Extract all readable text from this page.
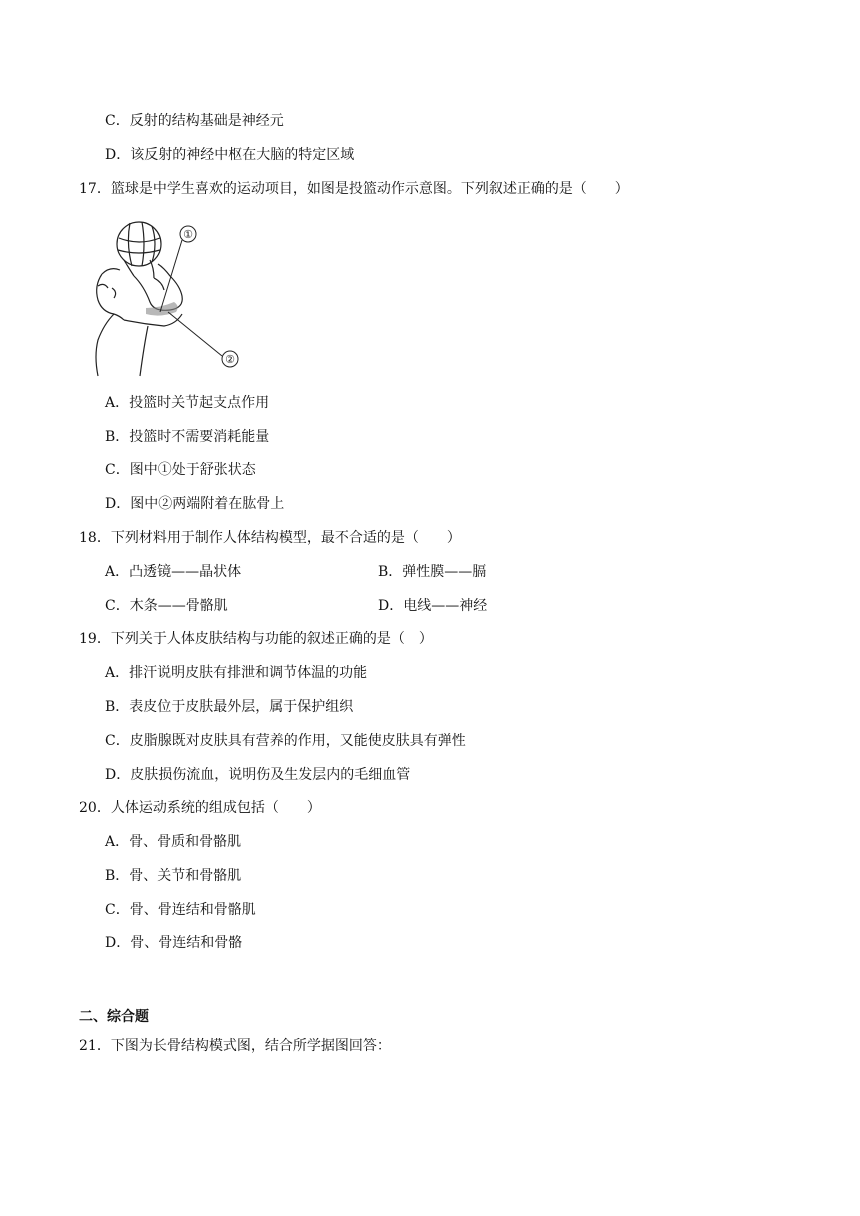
C．反射的结构基础是神经元
D．该反射的神经中枢在大脑的特定区域
17．篮球是中学生喜欢的运动项目，如图是投篮动作示意图。下列叙述正确的是（　　）
①
②
A．投篮时关节起支点作用
B．投篮时不需要消耗能量
C．图中①处于舒张状态
D．图中②两端附着在肱骨上
18．下列材料用于制作人体结构模型，最不合适的是（　　）
A．凸透镜——晶状体	B．弹性膜——膈
C．木条——骨骼肌	D．电线——神经
19．下列关于人体皮肤结构与功能的叙述正确的是（　）
A．排汗说明皮肤有排泄和调节体温的功能
B．表皮位于皮肤最外层，属于保护组织
C．皮脂腺既对皮肤具有营养的作用，又能使皮肤具有弹性
D．皮肤损伤流血，说明伤及生发层内的毛细血管
20．人体运动系统的组成包括（　　）
A．骨、骨质和骨骼肌
B．骨、关节和骨骼肌
C．骨、骨连结和骨骼肌
D．骨、骨连结和骨骼
二、综合题
21．下图为长骨结构模式图，结合所学据图回答：
